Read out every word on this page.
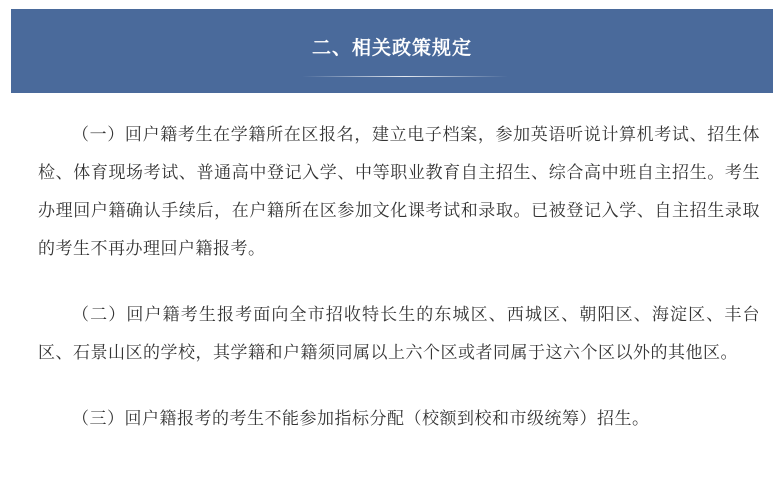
二、相关政策规定

（一）回户籍考生在学籍所在区报名，建立电子档案，参加英语听说计算机考试、招生体检、体育现场考试、普通高中登记入学、中等职业教育自主招生、综合高中班自主招生。考生办理回户籍确认手续后，在户籍所在区参加文化课考试和录取。已被登记入学、自主招生录取的考生不再办理回户籍报考。

（二）回户籍考生报考面向全市招收特长生的东城区、西城区、朝阳区、海淀区、丰台区、石景山区的学校，其学籍和户籍须同属以上六个区或者同属于这六个区以外的其他区。

（三）回户籍报考的考生不能参加指标分配（校额到校和市级统筹）招生。
